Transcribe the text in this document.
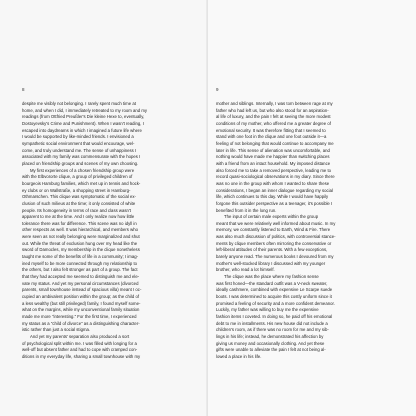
8
despite me visibly not belonging. I rarely spent much time at
home, and when I did, I immediately retreated to my room and my
readings (from Ottfried Preußler's Die kleine Hexe to, eventually,
Dostoyevsky's Crime and Punishment). When I wasn't reading, I
escaped into daydreams in which I imagined a future life where
I would be supported by like-minded friends. I envisioned a
sympathetic social environment that would encourage, wel-
come, and truly understand me. The sense of unhappiness I
associated with my family was commensurate with the hopes I
placed on friendship groups and scenes of my own choosing.
My first experiences of a chosen friendship group were
with the Elbvororte clique, a group of privileged children of
bourgeois Hamburg families, which met up in tennis and hock-
ey clubs or on Wallstraße, a shopping street in Hamburg-
Othmarschen. This clique was symptomatic of the social ex-
clusion of such milieus at the time; it only consisted of white
people. Its homogeneity in terms of race and class wasn't
apparent to me at the time. And I only realize now how little
tolerance there was for difference. This scene was no idyll in
other respects as well. It was hierarchical, and members who
were seen as not really belonging were marginalized and shut
out. While the threat of exclusion hung over my head like the
sword of Damocles, my membership in the clique nonetheless
taught me some of the benefits of life in a community; I imag-
ined myself to be more connected through my relationship to
the others, but I also felt stronger as part of a group. The fact
that they had accepted me seemed to distinguish me and ele-
vate my status. And yet my personal circumstances (divorced
parents, small townhouse instead of spacious villa) meant I oc-
cupied an ambivalent position within the group; as the child of
a less wealthy (but still privileged) family, I found myself some-
what on the margins, while my unconventional family situation
made me more "interesting." For the first time, I experienced
my status as a "child of divorce" as a distinguishing character-
istic rather than just a social stigma.
And yet my parents' separation also produced a sort
of psychological split within me. I was filled with longing for a
well-off but absent father and had to cope with cramped con-
ditions in my everyday life, sharing a small townhouse with my
9
mother and siblings. Internally, I was torn between rage at my
father who had left us, but who also stood for an aspiration-
al life of luxury, and the pain I felt at seeing the more modest
conditions of my mother, who offered me a greater degree of
emotional security. It was therefore fitting that I seemed to
stand with one foot in the clique and one foot outside it—a
feeling of not belonging that would continue to accompany me
later in life. This sense of alienation was uncomfortable, and
nothing would have made me happier than switching places
with a friend from an intact household. My imposed distance
also forced me to take a removed perspective, leading me to
record quasi-sociological observations in my diary. Since there
was no one in the group with whom I wanted to share these
considerations, I began an inner dialogue regarding my social
life, which continues to this day. While I would have happily
forgone this outsider perspective as a teenager, it's possible I
benefited from it in the long run.
The input of certain male experts within the group
meant that we were relatively well informed about music. In my
memory, we constantly listened to Earth, Wind & Fire. There
was also much discussion of politics, with controversial stance-
ments by clique members often mirroring the conservative or
left-liberal attitudes of their parents. With a few exceptions,
barely anyone read. The numerous books I devoured from my
mother's well-stocked library I discussed with my younger
brother, who read a lot himself.
The clique was the place where my fashion sense
was first honed—the standard outfit was a V-neck sweater,
ideally cashmere, combined with expensive Le Scarpe suede
boots. I was determined to acquire this costly uniform since it
promised a feeling of security and a more confident demeanor.
Luckily, my father was willing to buy me the expensive
fashion items I coveted. In doing so, he paid off his emotional
debt to me in installments. His new house did not include a
children's room, as if there was no room for me and my sib-
lings in his life; instead, he demonstrated his affection by
giving us money and occasionally clothing. And yet these
gifts were unable to alleviate the pain I felt at not being al-
lowed a place in his life.
